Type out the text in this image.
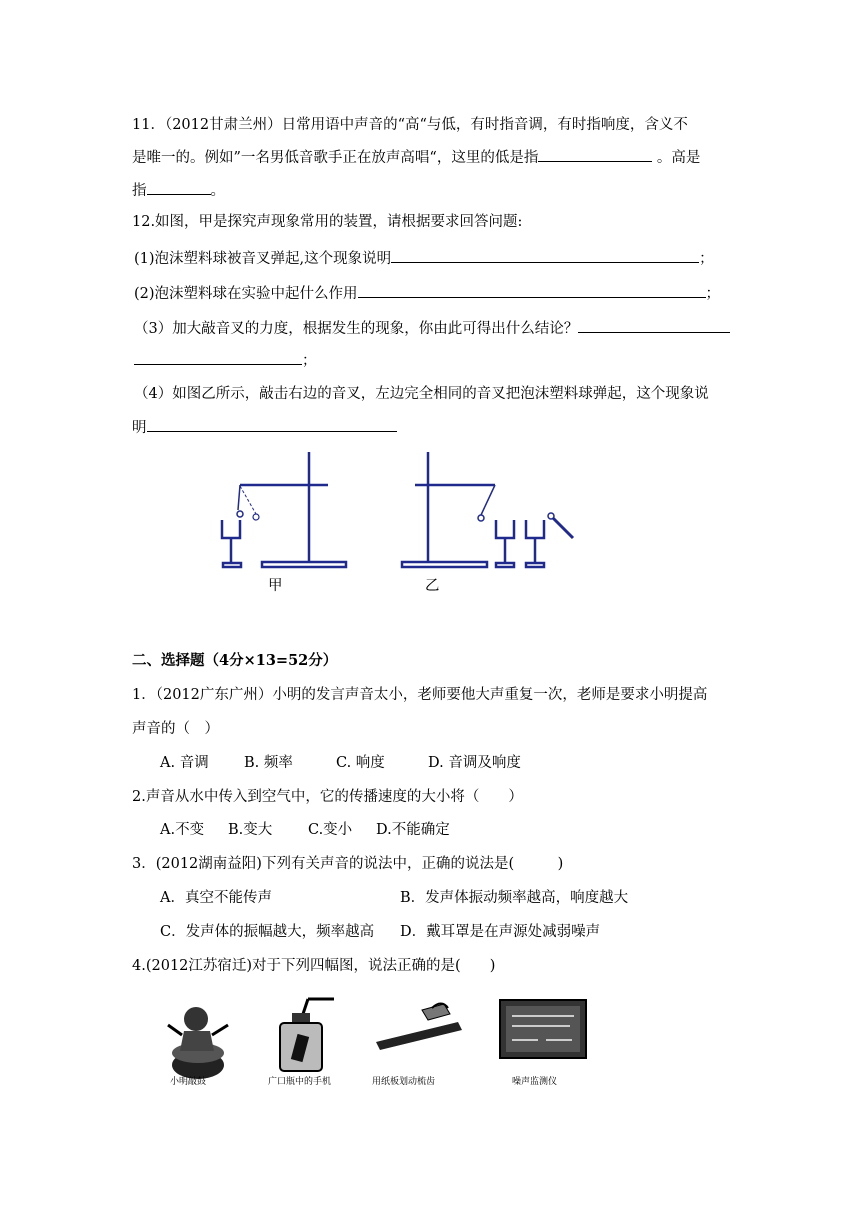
11．（2012甘肃兰州）日常用语中声音的“高“与低，有时指音调，有时指响度，含义不
是唯一的。例如”一名男低音歌手正在放声高唱“，这里的低是指	。高是
指	。
12.如图，甲是探究声现象常用的装置，请根据要求回答问题:
(1)泡沫塑料球被音叉弹起,这个现象说明	；
(2)泡沫塑料球在实验中起什么作用	；
（3）加大敲音叉的力度，根据发生的现象，你由此可得出什么结论？
；
（4）如图乙所示，敲击右边的音叉，左边完全相同的音叉把泡沫塑料球弹起，这个现象说
明
甲	乙
二、选择题（4分×13=52分）
1．（2012广东广州）小明的发言声音太小，老师要他大声重复一次，老师是要求小明提高
声音的（　）
A. 音调 B. 频率	C. 响度	D. 音调及响度
2.声音从水中传入到空气中，它的传播速度的大小将（　　）
A.不变 B.变大 C.变小 D.不能确定
3．(2012湖南益阳)下列有关声音的说法中，正确的说法是(　　　)
A．真空不能传声	B．发声体振动频率越高，响度越大
C．发声体的振幅越大，频率越高 D．戴耳罩是在声源处减弱噪声
4.(2012江苏宿迁)对于下列四幅图，说法正确的是(　　)
小明敲鼓	广口瓶中的手机	用纸板划动梳齿	噪声监测仪
